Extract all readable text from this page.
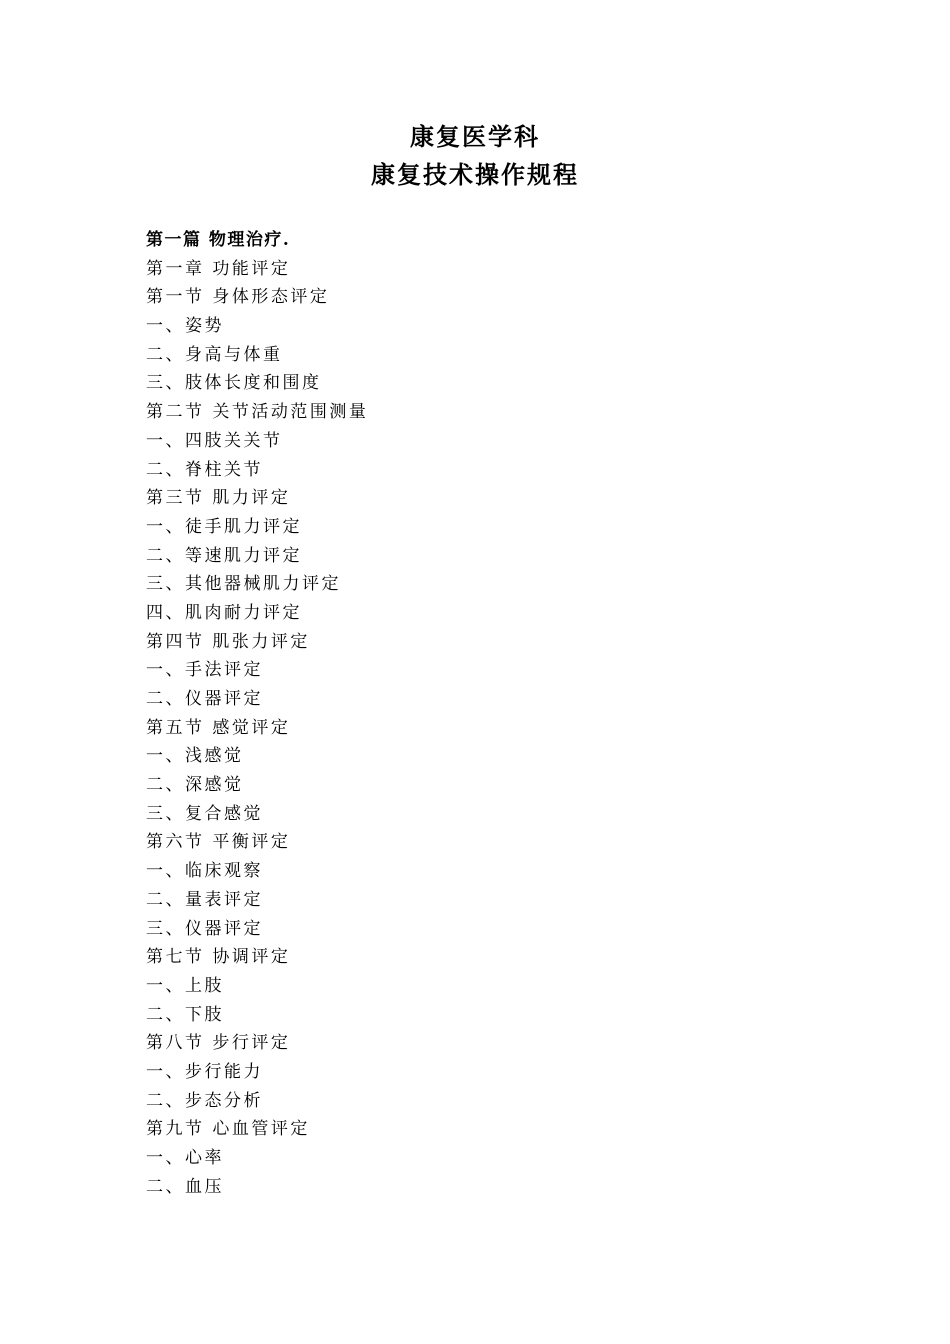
康复医学科
康复技术操作规程
第一篇 物理治疗.
第一章 功能评定
第一节 身体形态评定
一、姿势
二、身高与体重
三、肢体长度和围度
第二节 关节活动范围测量
一、四肢关关节
二、脊柱关节
第三节 肌力评定
一、徒手肌力评定
二、等速肌力评定
三、其他器械肌力评定
四、肌肉耐力评定
第四节 肌张力评定
一、手法评定
二、仪器评定
第五节 感觉评定
一、浅感觉
二、深感觉
三、复合感觉
第六节 平衡评定
一、临床观察
二、量表评定
三、仪器评定
第七节 协调评定
一、上肢
二、下肢
第八节 步行评定
一、步行能力
二、步态分析
第九节 心血管评定
一、心率
二、血压
